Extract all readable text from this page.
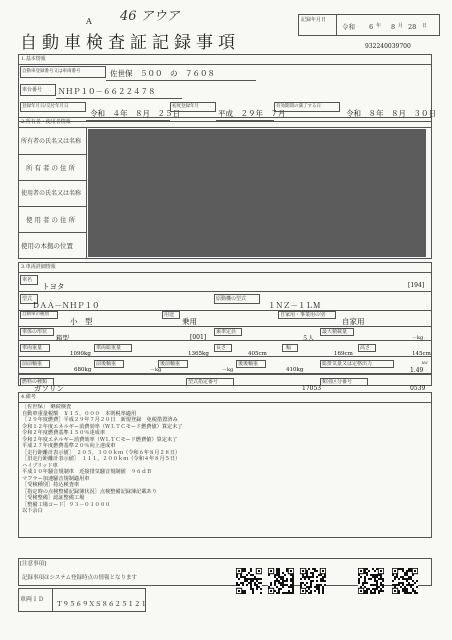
A 46 アウア	記録年月日
令和 6 年 8 月 28 日
自動車検査証記録事項	932240039700
1.基本情報
自動車登録番号又は車両番号	佐世保　５００　の　７６０８
車台番号 ＮＨＰ１０－６６２２４７８
登録年月日/交付年月日
令和　４年　８月　２５日
初度登録年月
平成　２９年　７月
有効期間の満了する日
令和　８年　８月　３０日
2.所有者・使用者情報
所有者の氏名又は名称
所有者の住所
使用者の氏名又は名称
使用者の住所
使用の本拠の位置
3.車両詳細情報
車名
トヨタ	[194]
型式
ＤＡＡ－ＮＨＰ１０
原動機の型式
１ＮＺ－１ＬＭ
自動車の種別
小　型
用途
乗用
自家用・事業用の別
自家用
車体の形状
箱型	[001]
乗車定員
５人
最大積載量
－kg
車両重量
1090kg
車両総重量
1365kg
長さ
405cm
幅
169cm
高さ
145cm
前前軸重
680kg
前後軸重
－kg
後前軸重
－kg
後後軸重
410kg
総排気量又は定格出力
1.49
kW
燃料の種類
ガソリン
型式指定番号
17053
類別区分番号
0539
4.備考
［佐世保］　継続検査
自動車重量税額　￥１５，０００　本則税率適用
［２９年度燃費］平成２９年７月２０日　新規登録　免税措置済み
令和１２年度エネルギー消費効率（ＷＬＴＣモード燃費値）算定未了
令和２年度燃費基準１５０％達成車
令和２年度エネルギー消費効率（ＷＬＴＣモード燃費値）算定未了
平成２７年度燃費基準２０％向上達成車
［走行距離計表示値］　２０５，３００ｋｍ（令和６年８月２８日）
［旧走行距離計表示値］　１１１，２００ｋｍ（令和４年８月５日）
ハイブリッド車
平成１０年騒音規制車　近接排気騒音規制値　９６ｄＢ
マフラー加速騒音規制適用車
［受検種別］持込検査車
［指定時の点検整備記録簿状況］点検整備記録簿記載あり
［受検整備］認証整備工場
［整備工場コード］９３－０１０００
以下余白
[注意事項]
記録事項はシステム登録時点の情報となります
車両ＩＤ
Ｔ９５６９ＸＳ８６２５１２１
